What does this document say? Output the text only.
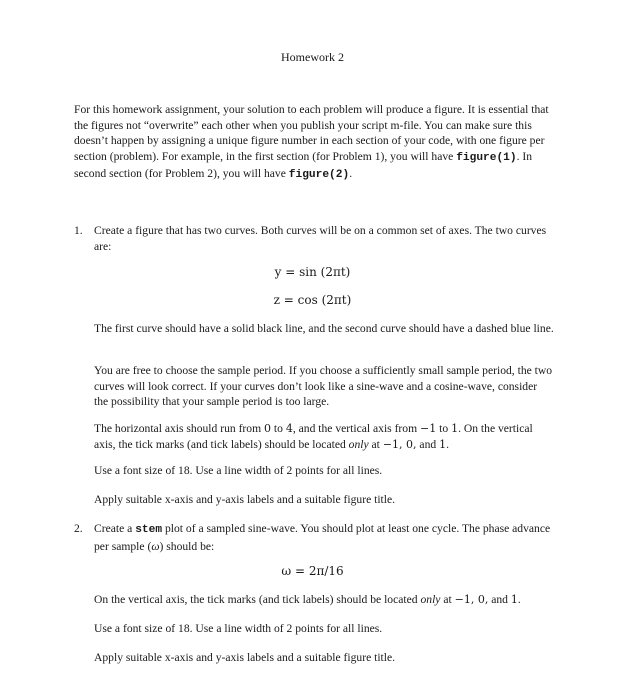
Homework 2

For this homework assignment, your solution to each problem will produce a figure. It is essential that the figures not “overwrite” each other when you publish your script m-file. You can make sure this doesn’t happen by assigning a unique figure number in each section of your code, with one figure per section (problem). For example, in the first section (for Problem 1), you will have figure(1). In second section (for Problem 2), you will have figure(2).

1. Create a figure that has two curves. Both curves will be on a common set of axes. The two curves are:

y = sin (2πt)
z = cos (2πt)

The first curve should have a solid black line, and the second curve should have a dashed blue line.

You are free to choose the sample period. If you choose a sufficiently small sample period, the two curves will look correct. If your curves don’t look like a sine-wave and a cosine-wave, consider the possibility that your sample period is too large.

The horizontal axis should run from 0 to 4, and the vertical axis from −1 to 1. On the vertical axis, the tick marks (and tick labels) should be located only at −1, 0, and 1.

Use a font size of 18. Use a line width of 2 points for all lines.

Apply suitable x-axis and y-axis labels and a suitable figure title.

2. Create a stem plot of a sampled sine-wave. You should plot at least one cycle. The phase advance per sample (ω) should be:

ω = 2π/16

On the vertical axis, the tick marks (and tick labels) should be located only at −1, 0, and 1.

Use a font size of 18. Use a line width of 2 points for all lines.

Apply suitable x-axis and y-axis labels and a suitable figure title.
